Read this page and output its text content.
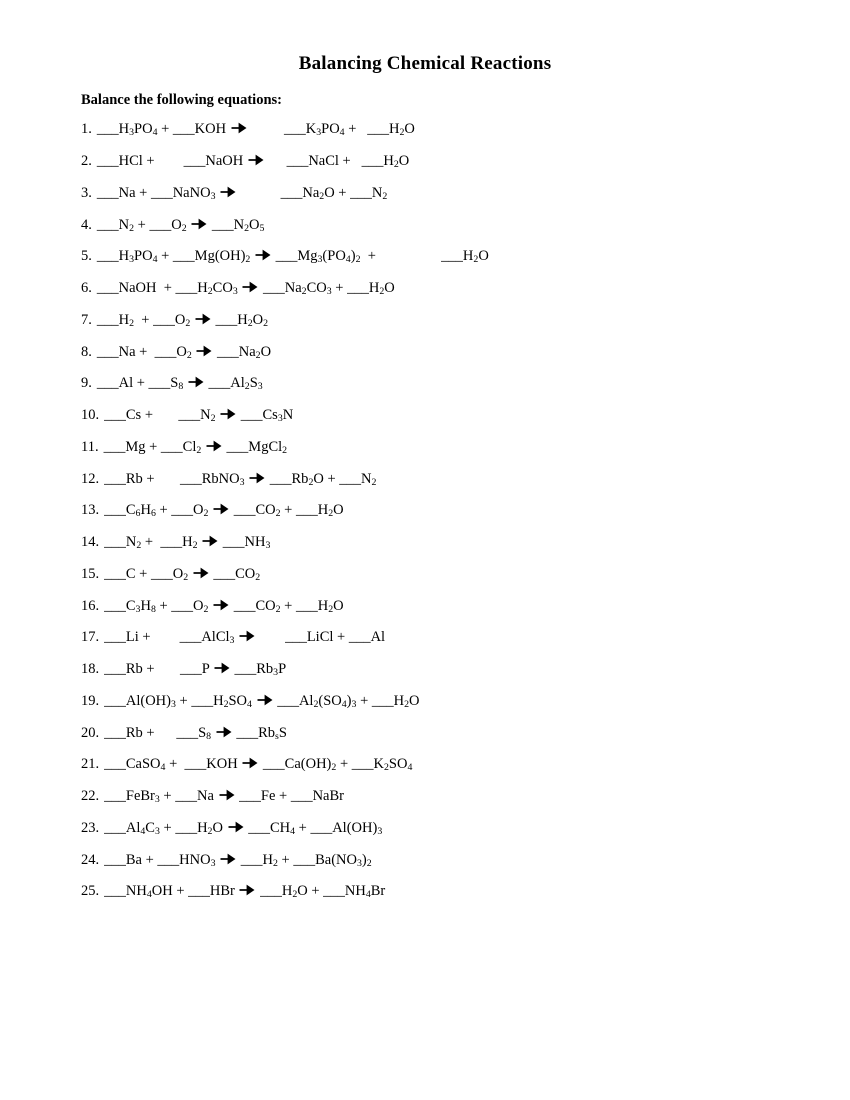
Balancing Chemical Reactions
Balance the following equations:
1. $\_\_\_H_3PO_4$ + ___KOH
$\_\_\_K_3PO_4$ +   $\_\_\_H_2O$
2. ___HCl +        ___NaOH
___NaCl +   $\_\_\_H_2O$
3. ___Na + ___NaNO$_3$
$\_\_\_Na_2O$ + $\_\_\_N_2$
4. $\_\_\_N_2$ + $\_\_\_O_2$
$\_\_\_N_2O_5$
5. $\_\_\_H_3PO_4$ + $\_\_\_Mg(OH)_2$
$\_\_\_Mg_3(PO_4)_2$  +                  $\_\_\_H_2O$
6. ___NaOH  + $\_\_\_H_2CO_3$
$\_\_\_Na_2CO_3$ + $\_\_\_H_2O$
7. $\_\_\_H_2$  + $\_\_\_O_2$
$\_\_\_H_2O_2$
8. ___Na +  $\_\_\_O_2$
$\_\_\_Na_2O$
9. ___Al + $\_\_\_S_8$
$\_\_\_Al_2S_3$
10. ___Cs +       $\_\_\_N_2$
$\_\_\_Cs_3N$
11. ___Mg + $\_\_\_Cl_2$
___MgCl$_2$
12. ___Rb +       ___RbNO$_3$
$\_\_\_Rb_2O$ + $\_\_\_N_2$
13. $\_\_\_C_6H_6$ + $\_\_\_O_2$
$\_\_\_CO_2$ + $\_\_\_H_2O$
14. $\_\_\_N_2$ +  $\_\_\_H_2$
$\_\_\_NH_3$
15. ___C + $\_\_\_O_2$
$\_\_\_CO_2$
16. $\_\_\_C_3H_8$ + $\_\_\_O_2$
$\_\_\_CO_2$ + $\_\_\_H_2O$
17. ___Li +        ___AlCl$_3$
___LiCl + ___Al
18. ___Rb +       ___P
$\_\_\_Rb_3P$
19. $\_\_\_Al(OH)_3$ + $\_\_\_H_2SO_4$
$\_\_\_Al_2(SO_4)_3$ + $\_\_\_H_2O$
20. ___Rb +      $\_\_\_S_8$
$\_\_\_Rb_sS$
21. ___CaSO$_4$ +  ___KOH
$\_\_\_Ca(OH)_2$ + $\_\_\_K_2SO_4$
22. ___FeBr$_3$ + ___Na
___Fe + ___NaBr
23. $\_\_\_Al_4C_3$ + $\_\_\_H_2O$
$\_\_\_CH_4$ + $\_\_\_Al(OH)_3$
24. ___Ba + $\_\_\_HNO_3$
$\_\_\_H_2$ + $\_\_\_Ba(NO_3)_2$
25. $\_\_\_NH_4OH$ + ___HBr
$\_\_\_H_2O$ + $\_\_\_NH_4Br$
